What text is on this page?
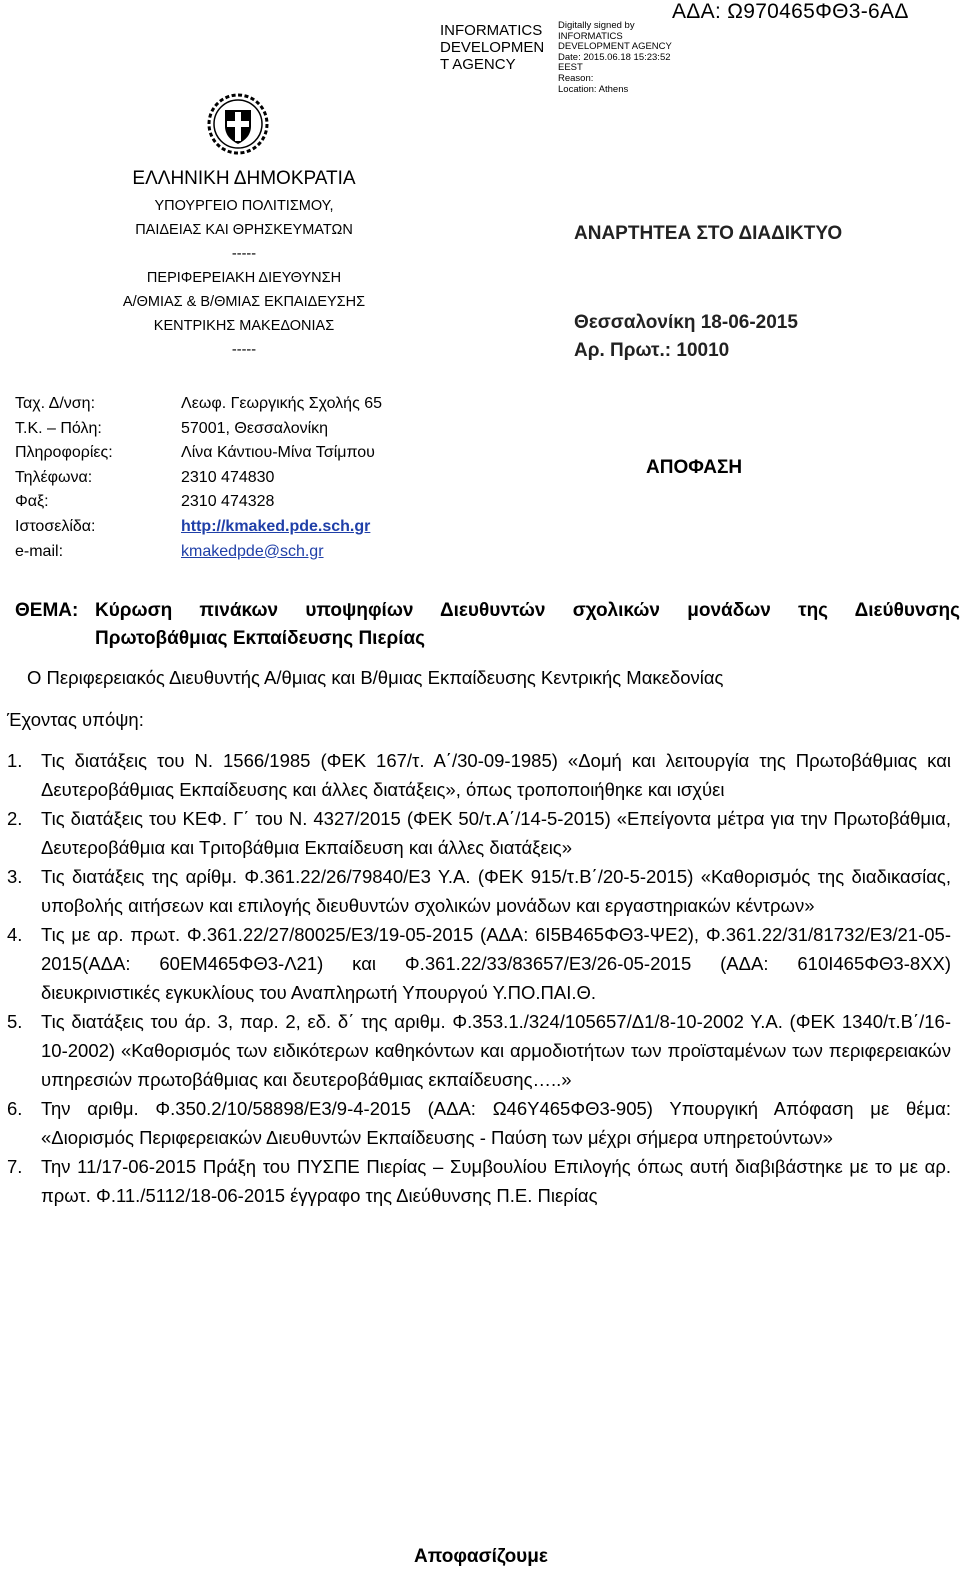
INFORMATICS
DEVELOPMEN
T AGENCY
Digitally signed by
INFORMATICS
DEVELOPMENT AGENCY
Date: 2015.06.18 15:23:52
EEST
Reason:
Location: Athens
ΑΔΑ: Ω970465ΦΘ3-6ΑΔ
ΕΛΛΗΝΙΚΗ ΔΗΜΟΚΡΑΤΙΑ
ΥΠΟΥΡΓΕΙΟ ΠΟΛΙΤΙΣΜΟΥ,
ΠΑΙΔΕΙΑΣ ΚΑΙ ΘΡΗΣΚΕΥΜΑΤΩΝ
-----
ΠΕΡΙΦΕΡΕΙΑΚΗ ΔΙΕΥΘΥΝΣΗ
Α/ΘΜΙΑΣ & Β/ΘΜΙΑΣ ΕΚΠΑΙΔΕΥΣΗΣ
ΚΕΝΤΡΙΚΗΣ ΜΑΚΕΔΟΝΙΑΣ
-----
ΑΝΑΡΤΗΤΕΑ ΣΤΟ ΔΙΑΔΙΚΤΥΟ
Θεσσαλονίκη 18-06-2015
Αρ. Πρωτ.: 10010
Ταχ. Δ/νση:	Λεωφ. Γεωργικής Σχολής 65
Τ.Κ. – Πόλη:	57001, Θεσσαλονίκη
Πληροφορίες:	Λίνα Κάντιου-Μίνα Τσίμπου
Τηλέφωνα:	2310 474830
Φαξ:	2310 474328
Ιστοσελίδα:	http://kmaked.pde.sch.gr
e-mail:	kmakedpde@sch.gr
ΑΠΟΦΑΣΗ
ΘΕΜΑ: Κύρωση πινάκων υποψηφίων Διευθυντών σχολικών μονάδων της Διεύθυνσης
Πρωτοβάθμιας Εκπαίδευσης Πιερίας
Ο Περιφερειακός Διευθυντής Α/θμιας και Β/θμιας Εκπαίδευσης Κεντρικής Μακεδονίας
Έχοντας υπόψη:
1.	Τις διατάξεις του Ν. 1566/1985 (ΦΕΚ 167/τ. Α΄/30-09-1985) «Δομή και λειτουργία της Πρωτοβάθμιας και Δευτεροβάθμιας Εκπαίδευσης και άλλες διατάξεις», όπως τροποποιήθηκε και ισχύει
2.	Τις διατάξεις του ΚΕΦ. Γ΄ του Ν. 4327/2015 (ΦΕΚ 50/τ.Α΄/14-5-2015) «Επείγοντα μέτρα για την Πρωτοβάθμια, Δευτεροβάθμια και Τριτοβάθμια Εκπαίδευση και άλλες διατάξεις»
3.	Τις διατάξεις της αρίθμ. Φ.361.22/26/79840/Ε3 Υ.Α. (ΦΕΚ 915/τ.Β΄/20-5-2015) «Καθορισμός της διαδικασίας, υποβολής αιτήσεων και επιλογής διευθυντών σχολικών μονάδων και εργαστηριακών κέντρων»
4.	Τις με αρ. πρωτ. Φ.361.22/27/80025/Ε3/19-05-2015 (ΑΔΑ: 6Ι5Β465ΦΘ3-ΨΕ2), Φ.361.22/31/81732/Ε3/21-05-2015(ΑΔΑ: 60ΕΜ465ΦΘ3-Λ21) και Φ.361.22/33/83657/Ε3/26-05-2015 (ΑΔΑ: 610Ι465ΦΘ3-8ΧΧ) διευκρινιστικές εγκυκλίους του Αναπληρωτή Υπουργού Υ.ΠΟ.ΠΑΙ.Θ.
5.	Τις διατάξεις του άρ. 3, παρ. 2, εδ. δ΄ της αριθμ. Φ.353.1./324/105657/Δ1/8-10-2002 Υ.Α. (ΦΕΚ 1340/τ.Β΄/16-10-2002) «Καθορισμός των ειδικότερων καθηκόντων και αρμοδιοτήτων των προϊσταμένων των περιφερειακών υπηρεσιών πρωτοβάθμιας και δευτεροβάθμιας εκπαίδευσης…..»
6.	Την αριθμ. Φ.350.2/10/58898/Ε3/9-4-2015 (ΑΔΑ: Ω46Υ465ΦΘ3-905) Υπουργική Απόφαση με θέμα: «Διορισμός Περιφερειακών Διευθυντών Εκπαίδευσης - Παύση των μέχρι σήμερα υπηρετούντων»
7.	Την 11/17-06-2015 Πράξη του ΠΥΣΠΕ Πιερίας – Συμβουλίου Επιλογής όπως αυτή διαβιβάστηκε με το με αρ. πρωτ. Φ.11./5112/18-06-2015 έγγραφο της Διεύθυνσης Π.Ε. Πιερίας
Αποφασίζουμε
